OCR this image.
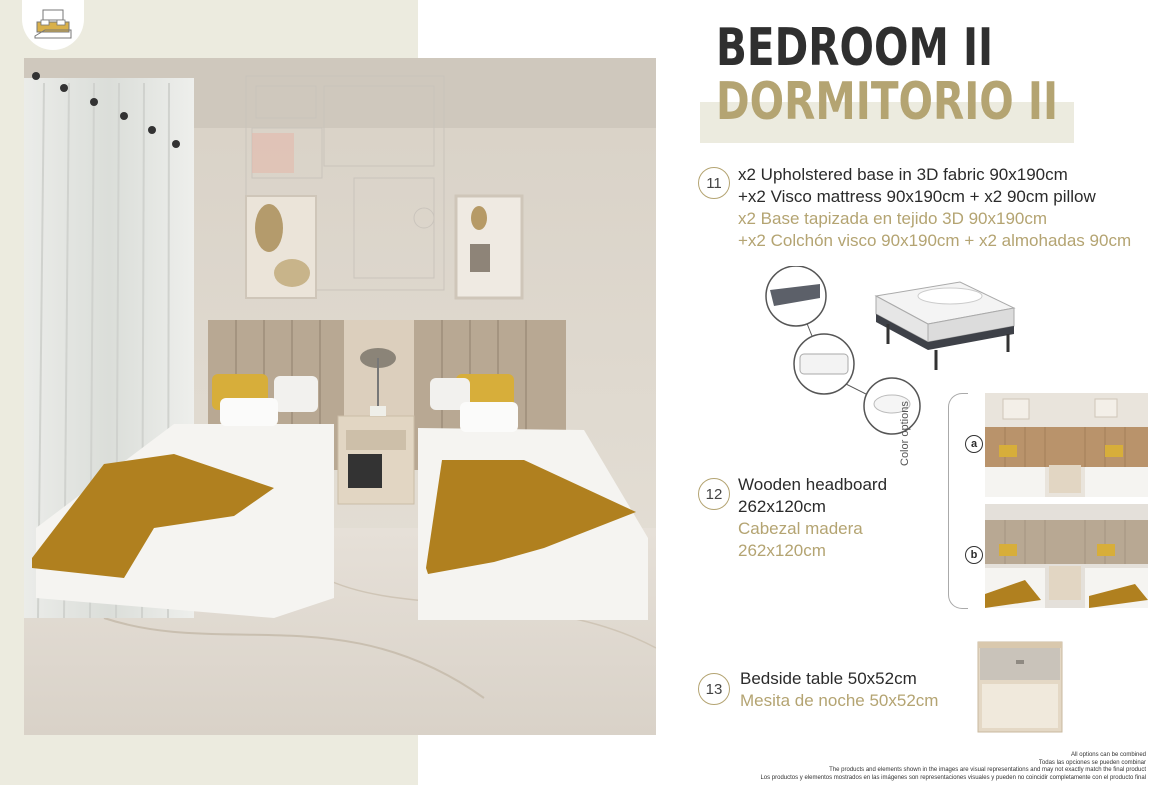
BEDROOM II
DORMITORIO II
11 x2 Upholstered base in 3D fabric 90x190cm
+x2 Visco mattress 90x190cm + x2 90cm pillow
x2 Base tapizada en tejido 3D 90x190cm
+x2 Colchón visco 90x190cm + x2 almohadas 90cm
12 Wooden headboard
262x120cm
Cabezal madera
262x120cm
Color options	a
b
13
Bedside table 50x52cm
Mesita de noche 50x52cm
All options can be combined
Todas las opciones se pueden combinar
The products and elements shown in the images are visual representations and may not exactly match the final product
Los productos y elementos mostrados en las imágenes son representaciones visuales y pueden no coincidir completamente con el producto final
